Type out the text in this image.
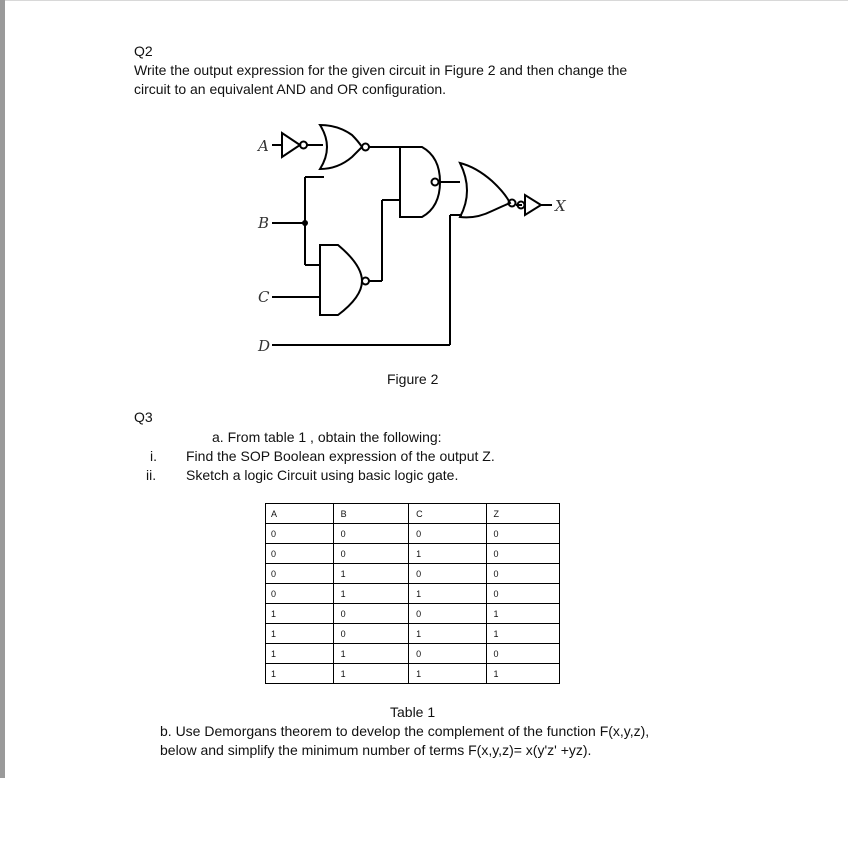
Q2
Write the output expression for the given circuit in Figure 2 and then change the
circuit to an equivalent AND and OR configuration.
A
B
C
D
X
Figure 2
Q3
a. From table 1 , obtain the following:
i. Find the SOP Boolean expression of the output Z.
ii. Sketch a logic Circuit using basic logic gate.
A	B	C	Z
0	0	0	0
0	0	1	0
0	1	0	0
0	1	1	0
1	0	0	1
1	0	1	1
1	1	0	0
1	1	1	1
Table 1
b. Use Demorgans theorem to develop the complement of the function F(x,y,z),
below and simplify the minimum number of terms F(x,y,z)= x(y'z' +yz).
